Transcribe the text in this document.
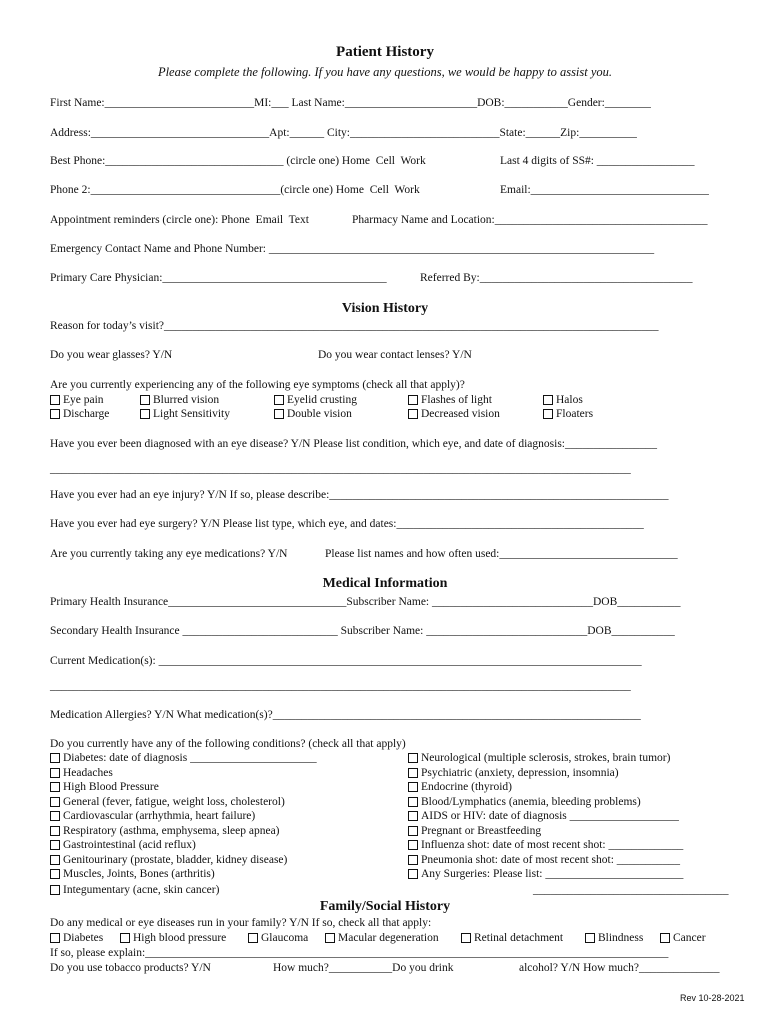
Patient History
Please complete the following. If you have any questions, we would be happy to assist you.
First Name:__________________________MI:___ Last Name:_______________________DOB:___________Gender:________
Address:_______________________________Apt:______ City:__________________________State:______Zip:__________
Best Phone:_______________________________ (circle one) Home  Cell  Work	Last 4 digits of SS#: _________________
Phone 2:_________________________________(circle one) Home  Cell  Work	Email:_______________________________
Appointment reminders (circle one): Phone  Email  Text	Pharmacy Name and Location:_____________________________________
Emergency Contact Name and Phone Number: ___________________________________________________________________
Primary Care Physician:_______________________________________	Referred By:_____________________________________
Vision History
Reason for today’s visit?______________________________________________________________________________________
Do you wear glasses? Y/N	Do you wear contact lenses? Y/N
Are you currently experiencing any of the following eye symptoms (check all that apply)?
Eye pain	Blurred vision	Eyelid crusting	Flashes of light	Halos
Discharge	Light Sensitivity	Double vision	Decreased vision	Floaters
Have you ever been diagnosed with an eye disease? Y/N Please list condition, which eye, and date of diagnosis:________________
_____________________________________________________________________________________________________
Have you ever had an eye injury? Y/N If so, please describe:___________________________________________________________
Have you ever had eye surgery? Y/N Please list type, which eye, and dates:___________________________________________
Are you currently taking any eye medications? Y/N	Please list names and how often used:_______________________________
Medical Information
Primary Health Insurance_______________________________Subscriber Name: ____________________________DOB___________
Secondary Health Insurance ___________________________ Subscriber Name: ____________________________DOB___________
Current Medication(s): ____________________________________________________________________________________
_____________________________________________________________________________________________________
Medication Allergies? Y/N What medication(s)?________________________________________________________________
Do you currently have any of the following conditions? (check all that apply)
Diabetes: date of diagnosis ______________________
Headaches
High Blood Pressure
General (fever, fatigue, weight loss, cholesterol)
Cardiovascular (arrhythmia, heart failure)
Respiratory (asthma, emphysema, sleep apnea)
Gastrointestinal (acid reflux)
Genitourinary (prostate, bladder, kidney disease)
Muscles, Joints, Bones (arthritis)
Integumentary (acne, skin cancer)
Neurological (multiple sclerosis, strokes, brain tumor)
Psychiatric (anxiety, depression, insomnia)
Endocrine (thyroid)
Blood/Lymphatics (anemia, bleeding problems)
AIDS or HIV: date of diagnosis ___________________
Pregnant or Breastfeeding
Influenza shot: date of most recent shot: _____________
Pneumonia shot: date of most recent shot: ___________
Any Surgeries: Please list: ________________________
__________________________________
Family/Social History
Do any medical or eye diseases run in your family? Y/N If so, check all that apply:
Diabetes	High blood pressure	Glaucoma	Macular degeneration	Retinal detachment	Blindness	Cancer
If so, please explain:___________________________________________________________________________________________
Do you use tobacco products? Y/N	How much?___________Do you drink	alcohol? Y/N How much?______________
Rev 10-28-2021
